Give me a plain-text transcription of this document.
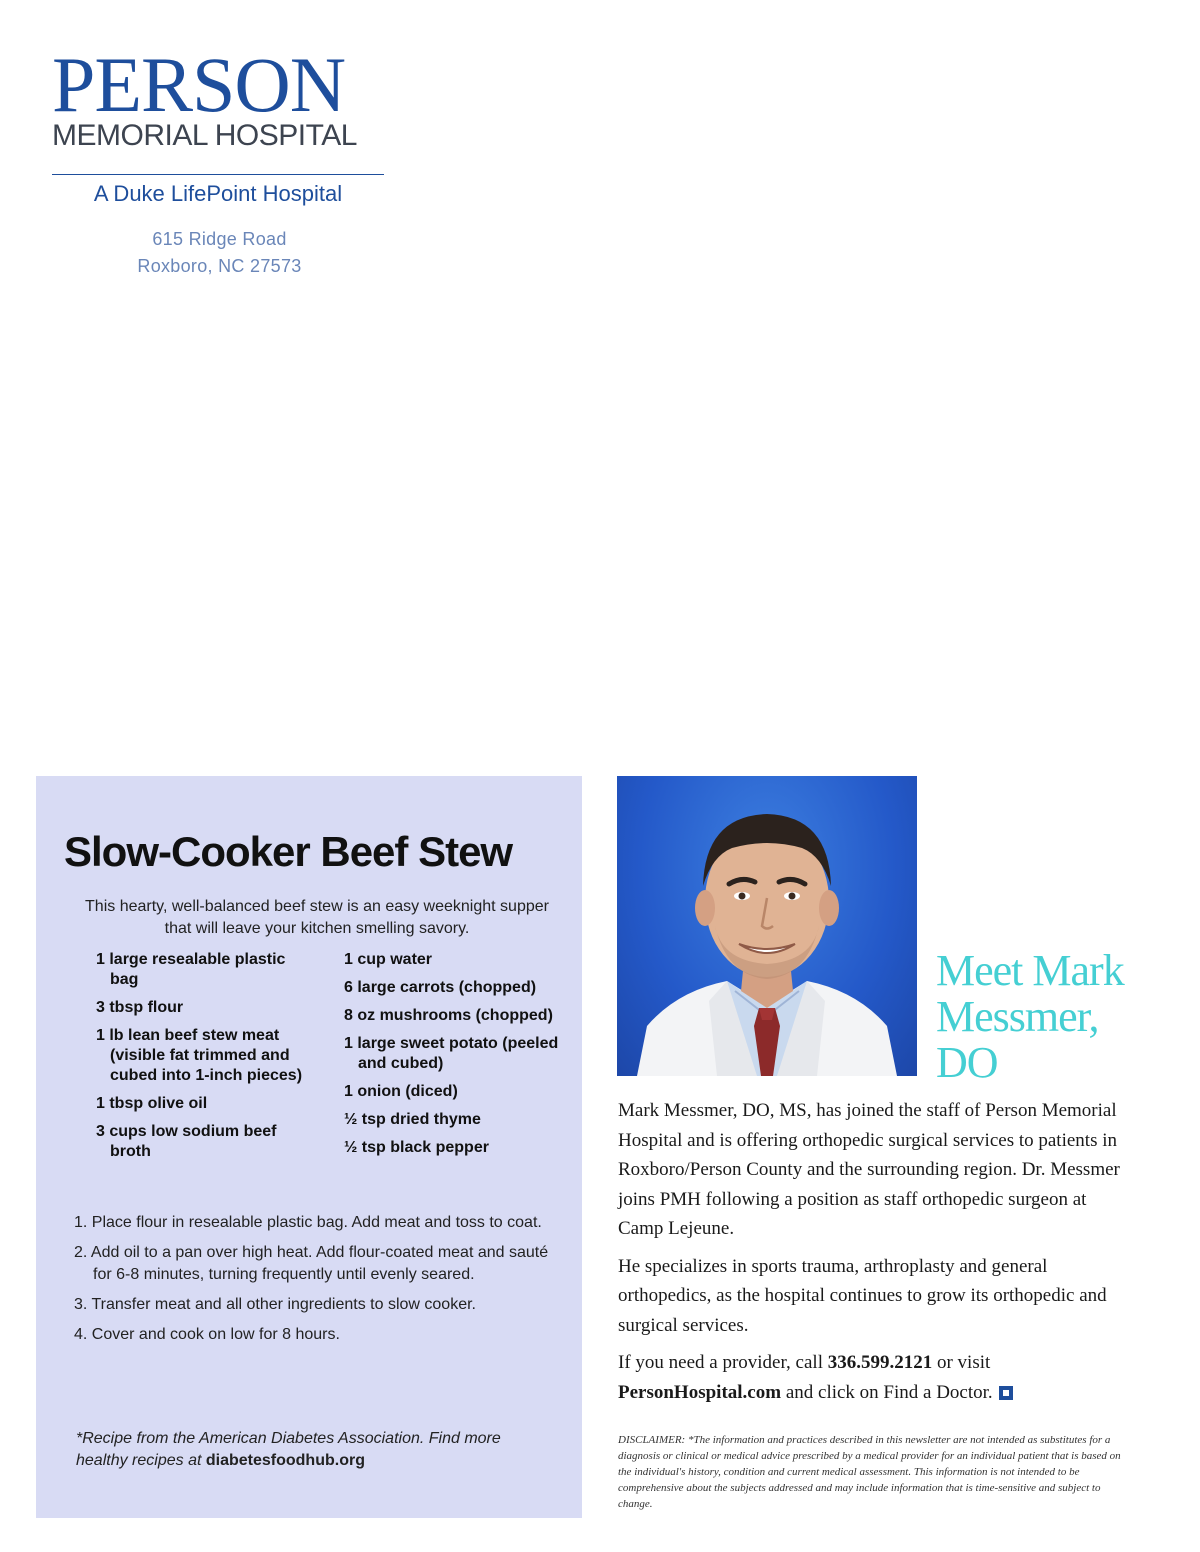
PERSON
MEMORIAL HOSPITAL
A Duke LifePoint Hospital
615 Ridge Road
Roxboro, NC 27573
Slow-Cooker Beef Stew

This hearty, well-balanced beef stew is an easy weeknight supper that will leave your kitchen smelling savory.

1 large resealable plastic bag
3 tbsp flour
1 lb lean beef stew meat (visible fat trimmed and cubed into 1-inch pieces)
1 tbsp olive oil
3 cups low sodium beef broth
1 cup water
6 large carrots (chopped)
8 oz mushrooms (chopped)
1 large sweet potato (peeled and cubed)
1 onion (diced)
½ tsp dried thyme
½ tsp black pepper
1. Place flour in resealable plastic bag. Add meat and toss to coat.
2. Add oil to a pan over high heat. Add flour-coated meat and sauté for 6-8 minutes, turning frequently until evenly seared.
3. Transfer meat and all other ingredients to slow cooker.
4. Cover and cook on low for 8 hours.

*Recipe from the American Diabetes Association. Find more healthy recipes at diabetesfoodhub.org

Meet Mark Messmer, DO

Mark Messmer, DO, MS, has joined the staff of Person Memorial Hospital and is offering orthopedic surgical services to patients in Roxboro/Person County and the surrounding region. Dr. Messmer joins PMH following a position as staff orthopedic surgeon at Camp Lejeune.

He specializes in sports trauma, arthroplasty and general orthopedics, as the hospital continues to grow its orthopedic and surgical services.

If you need a provider, call 336.599.2121 or visit PersonHospital.com and click on Find a Doctor.

DISCLAIMER: *The information and practices described in this newsletter are not intended as substitutes for a diagnosis or clinical or medical advice prescribed by a medical provider for an individual patient that is based on the individual's history, condition and current medical assessment. This information is not intended to be comprehensive about the subjects addressed and may include information that is time-sensitive and subject to change.
